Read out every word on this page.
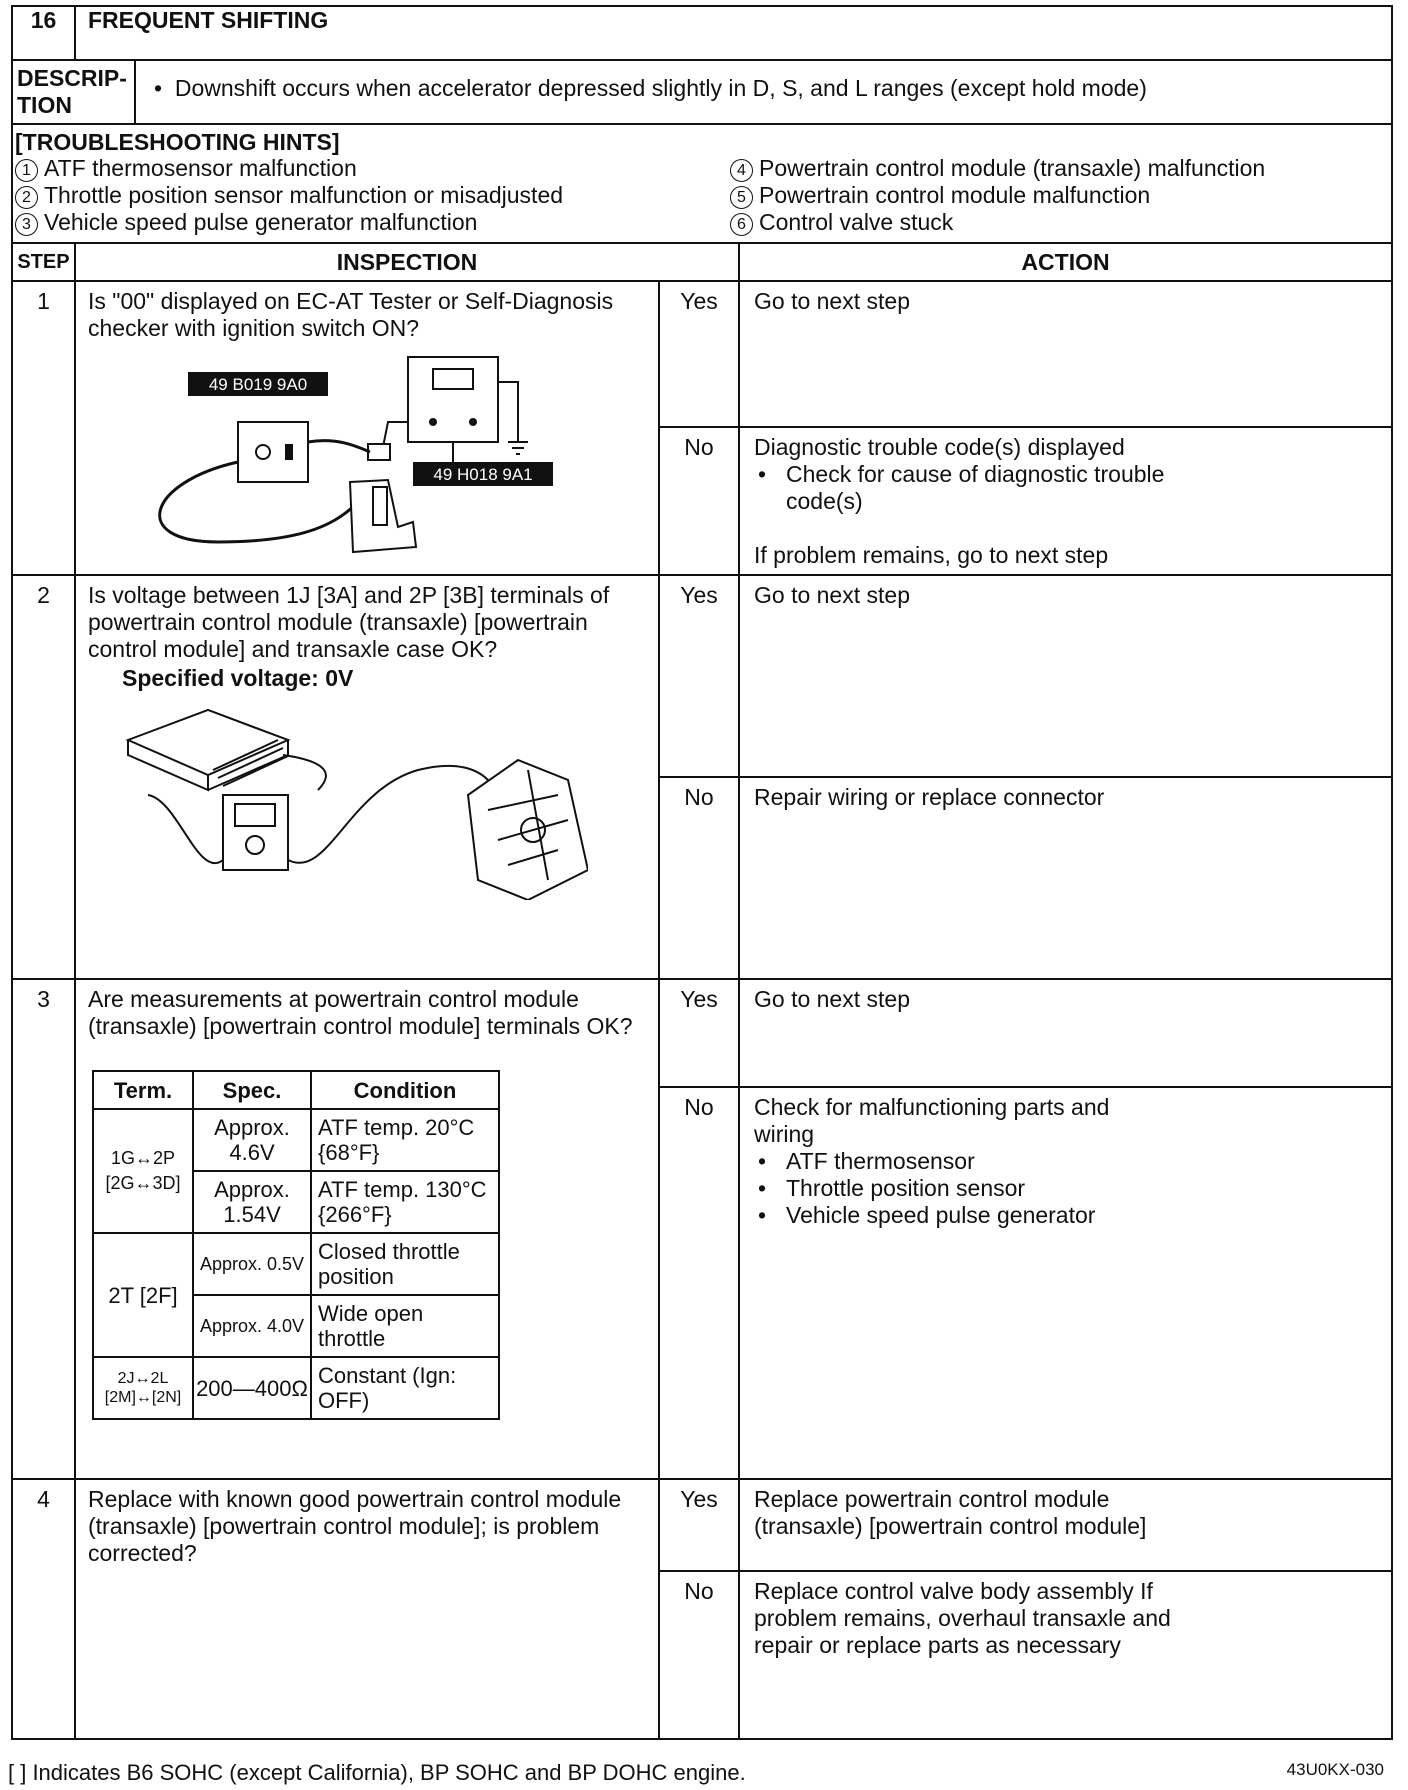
16	FREQUENT SHIFTING
DESCRIP-
TION	• Downshift occurs when accelerator depressed slightly in D, S, and L ranges (except hold mode)

[TROUBLESHOOTING HINTS]
1 ATF thermosensor malfunction
2 Throttle position sensor malfunction or misadjusted
3 Vehicle speed pulse generator malfunction
4 Powertrain control module (transaxle) malfunction
5 Powertrain control module malfunction
6 Control valve stuck

STEP	INSPECTION	ACTION
1	Is "00" displayed on EC-AT Tester or Self-Diagnosis checker with ignition switch ON?
49 B019 9A0
49 H018 9A1
	Yes	Go to next step
No	Diagnostic trouble code(s) displayed
• Check for cause of diagnostic trouble code(s)
If problem remains, go to next step

2	Is voltage between 1J [3A] and 2P [3B] terminals of powertrain control module (transaxle) [powertrain control module] and transaxle case OK?
Specified voltage: 0V
	Yes	Go to next step
No	Repair wiring or replace connector
3	Are measurements at powertrain control module (transaxle) [powertrain control module] terminals OK?
Term.	Spec.	Condition
1G↔2P [2G↔3D]	Approx. 4.6V	ATF temp. 20°C {68°F}
Approx. 1.54V	ATF temp. 130°C {266°F}
2T [2F]	Approx. 0.5V	Closed throttle position
Approx. 4.0V	Wide open throttle
2J↔2L [2M]↔[2N]	200—400Ω	Constant (Ign: OFF)
	Yes	Go to next step
No	Check for malfunctioning parts and wiring
• ATF thermosensor
• Throttle position sensor
• Vehicle speed pulse generator

4	Replace with known good powertrain control module (transaxle) [powertrain control module]; is problem corrected?	Yes	Replace powertrain control module (transaxle) [powertrain control module]

No	Replace control valve body assembly If problem remains, overhaul transaxle and repair or replace parts as necessary
[ ] Indicates B6 SOHC (except California), BP SOHC and BP DOHC engine.	43U0KX-030
